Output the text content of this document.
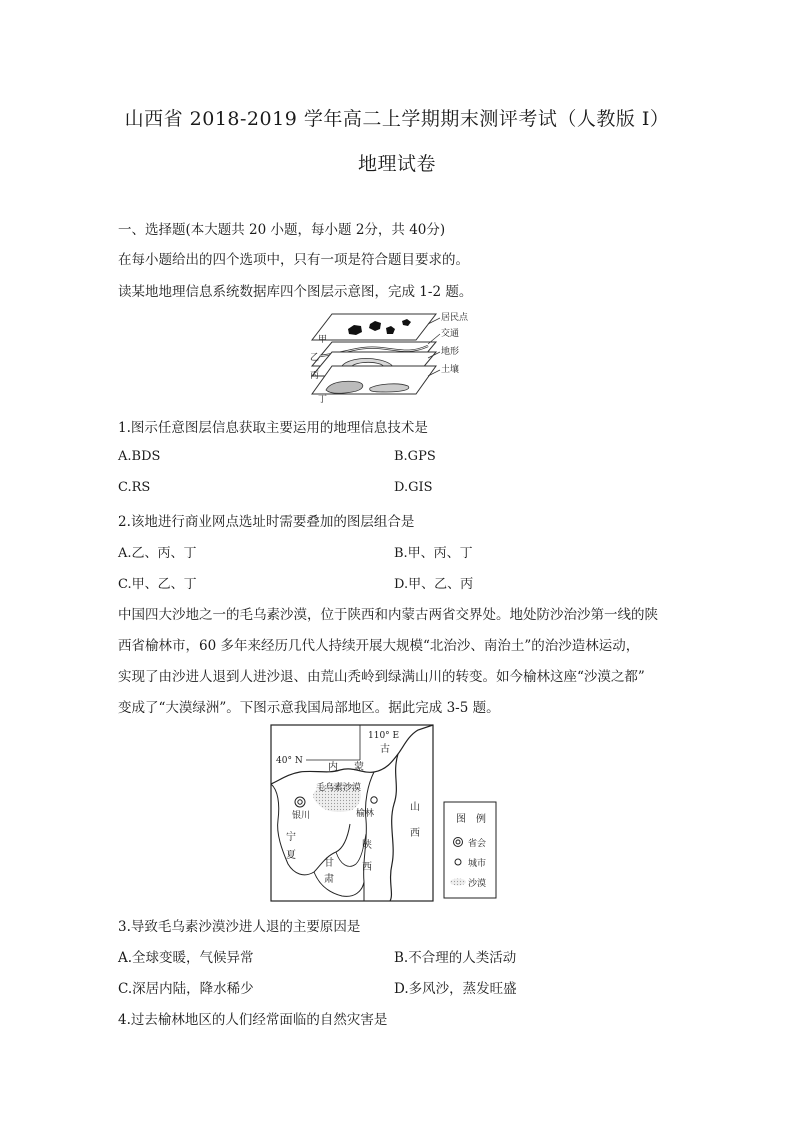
山西省 2018-2019 学年高二上学期期末测评考试（人教版 I）
地理试卷
一、选择题(本大题共 20 小题，每小题 2分，共 40分)
在每小题给出的四个选项中，只有一项是符合题目要求的。
读某地地理信息系统数据库四个图层示意图，完成 1-2 题。
居民点
交通
地形
土壤
甲
乙
丙
丁
1.图示任意图层信息获取主要运用的地理信息技术是
A.BDS	B.GPS
C.RS	D.GIS
2.该地进行商业网点选址时需要叠加的图层组合是
A.乙、丙、丁	B.甲、丙、丁
C.甲、乙、丁	D.甲、乙、丙
中国四大沙地之一的毛乌素沙漠，位于陕西和内蒙古两省交界处。地处防沙治沙第一线的陕
西省榆林市，60 多年来经历几代人持续开展大规模“北治沙、南治土”的治沙造林运动，
实现了由沙进人退到人进沙退、由荒山秃岭到绿满山川的转变。如今榆林这座“沙漠之都”
变成了“大漠绿洲”。下图示意我国局部地区。据此完成 3-5 题。
110° E
40° N
古
内 蒙
毛乌素沙漠
银川	榆林
山
西
宁
夏
陕
西
甘
肃
图　例
省会
城市
沙漠
3.导致毛乌素沙漠沙进人退的主要原因是
A.全球变暖，气候异常	B.不合理的人类活动
C.深居内陆，降水稀少	D.多风沙，蒸发旺盛
4.过去榆林地区的人们经常面临的自然灾害是
